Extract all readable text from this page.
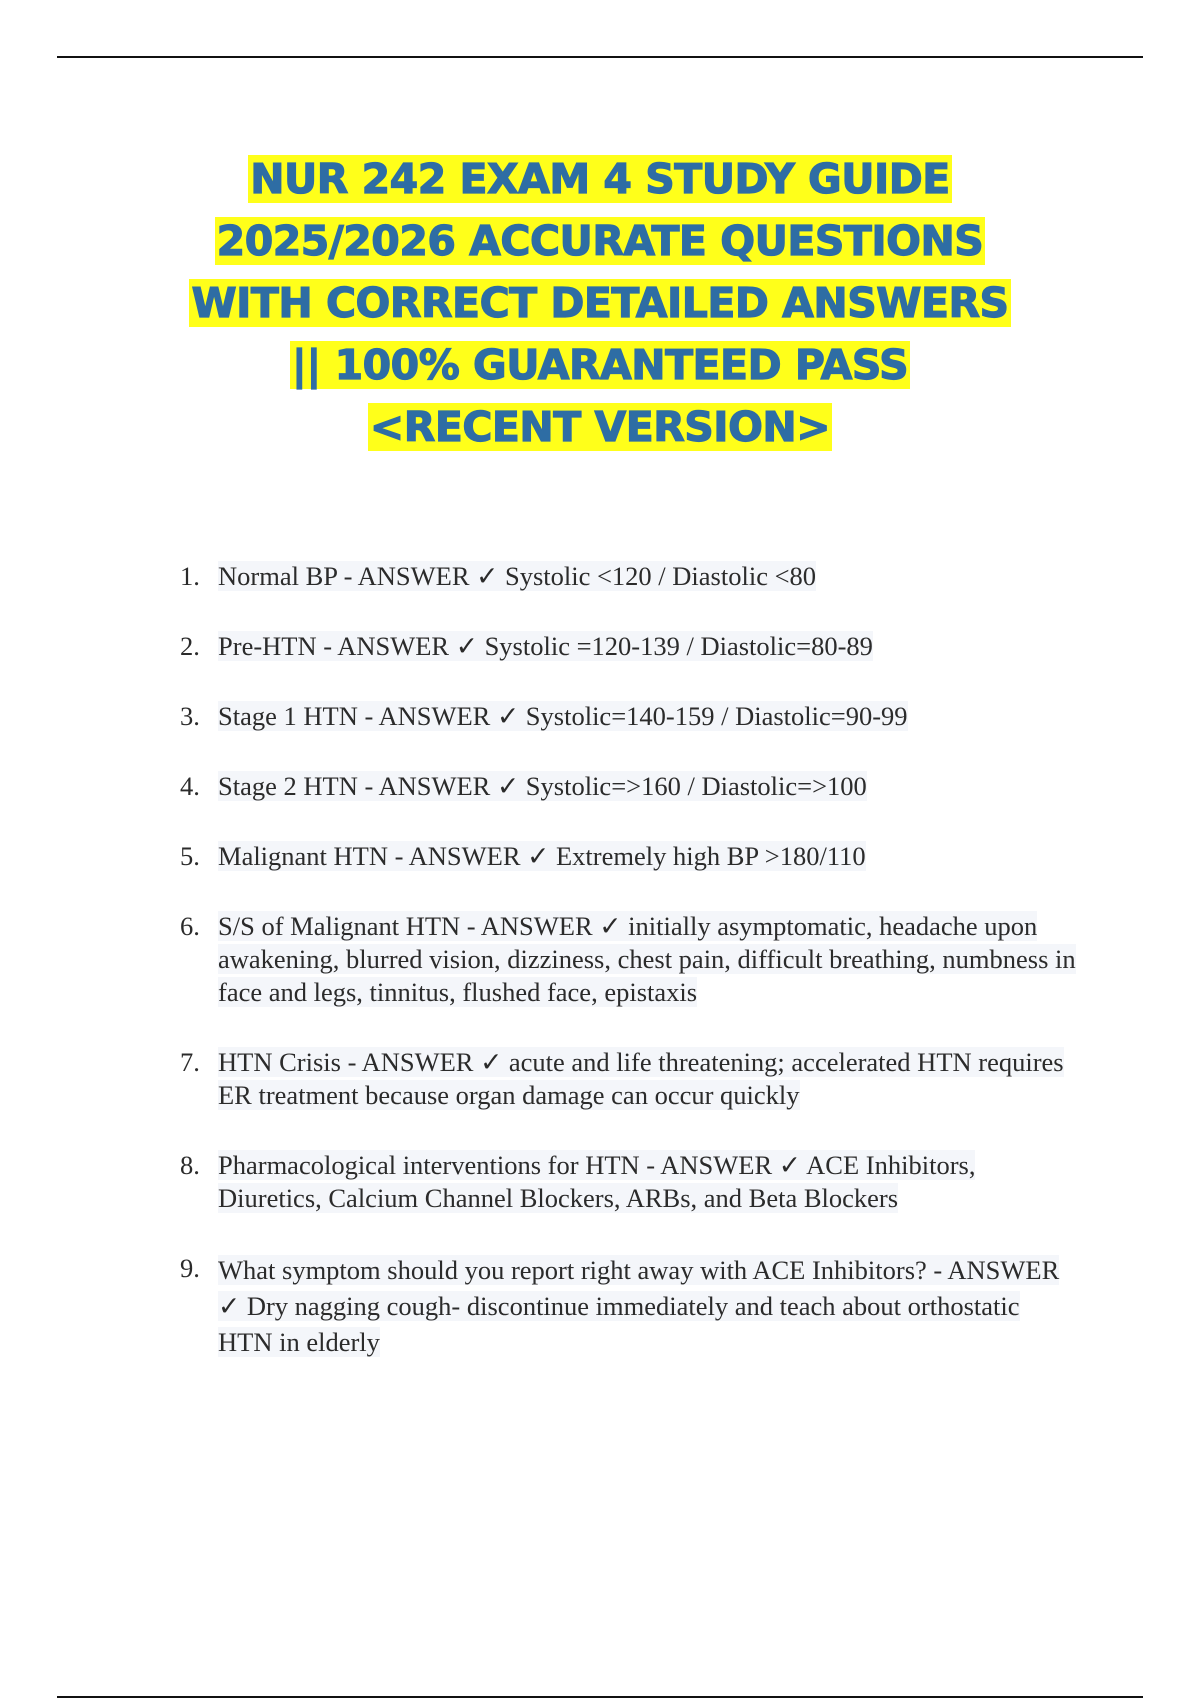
NUR 242 EXAM 4 STUDY GUIDE
2025/2026 ACCURATE QUESTIONS
WITH CORRECT DETAILED ANSWERS
|| 100% GUARANTEED PASS
<RECENT VERSION>
1. Normal BP - ANSWER ✓ Systolic <120 / Diastolic <80
2. Pre-HTN - ANSWER ✓ Systolic =120-139 / Diastolic=80-89
3. Stage 1 HTN - ANSWER ✓ Systolic=140-159 / Diastolic=90-99
4. Stage 2 HTN - ANSWER ✓ Systolic=>160 / Diastolic=>100
5. Malignant HTN - ANSWER ✓ Extremely high BP >180/110
6. S/S of Malignant HTN - ANSWER ✓ initially asymptomatic, headache upon awakening, blurred vision, dizziness, chest pain, difficult breathing, numbness in face and legs, tinnitus, flushed face, epistaxis
7. HTN Crisis - ANSWER ✓ acute and life threatening; accelerated HTN requires ER treatment because organ damage can occur quickly
8. Pharmacological interventions for HTN - ANSWER ✓ ACE Inhibitors, Diuretics, Calcium Channel Blockers, ARBs, and Beta Blockers
9. What symptom should you report right away with ACE Inhibitors? - ANSWER ✓ Dry nagging cough- discontinue immediately and teach about orthostatic HTN in elderly
